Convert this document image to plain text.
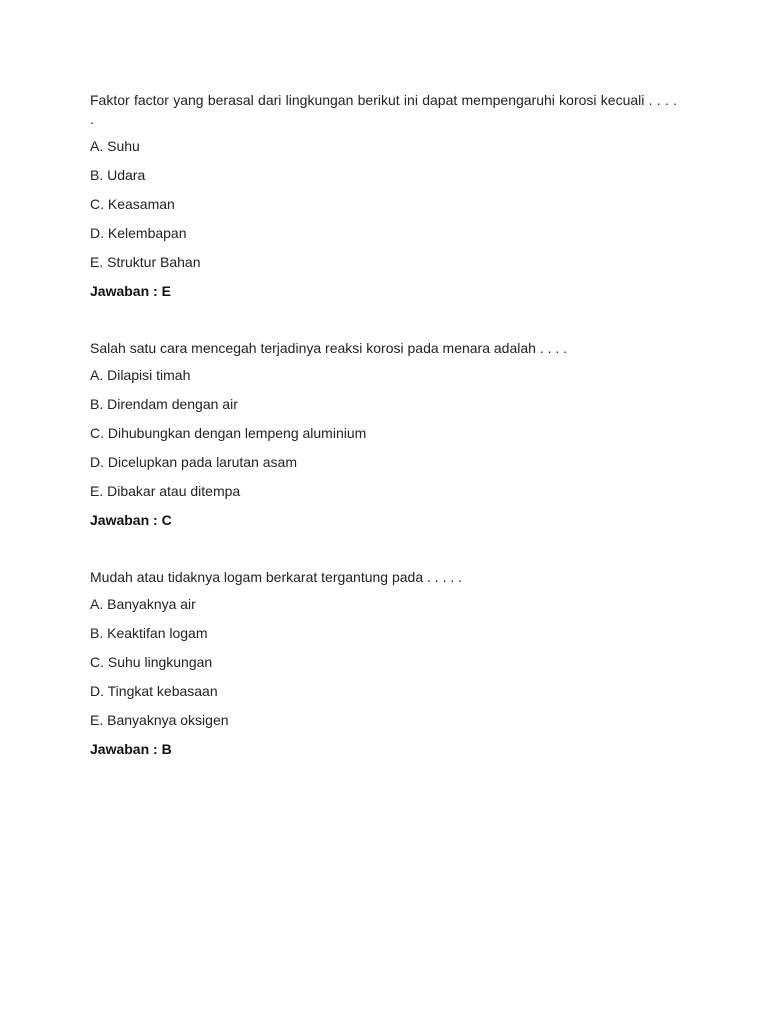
Faktor factor yang berasal dari lingkungan berikut ini dapat mempengaruhi korosi kecuali . . . . .

A. Suhu
B. Udara
C. Keasaman
D. Kelembapan
E. Struktur Bahan
Jawaban : E

Salah satu cara mencegah terjadinya reaksi korosi pada menara adalah . . . .

A. Dilapisi timah
B. Direndam dengan air
C. Dihubungkan dengan lempeng aluminium
D. Dicelupkan pada larutan asam
E. Dibakar atau ditempa
Jawaban : C

Mudah atau tidaknya logam berkarat tergantung pada . . . . .

A. Banyaknya air
B. Keaktifan logam
C. Suhu lingkungan
D. Tingkat kebasaan
E. Banyaknya oksigen
Jawaban : B
